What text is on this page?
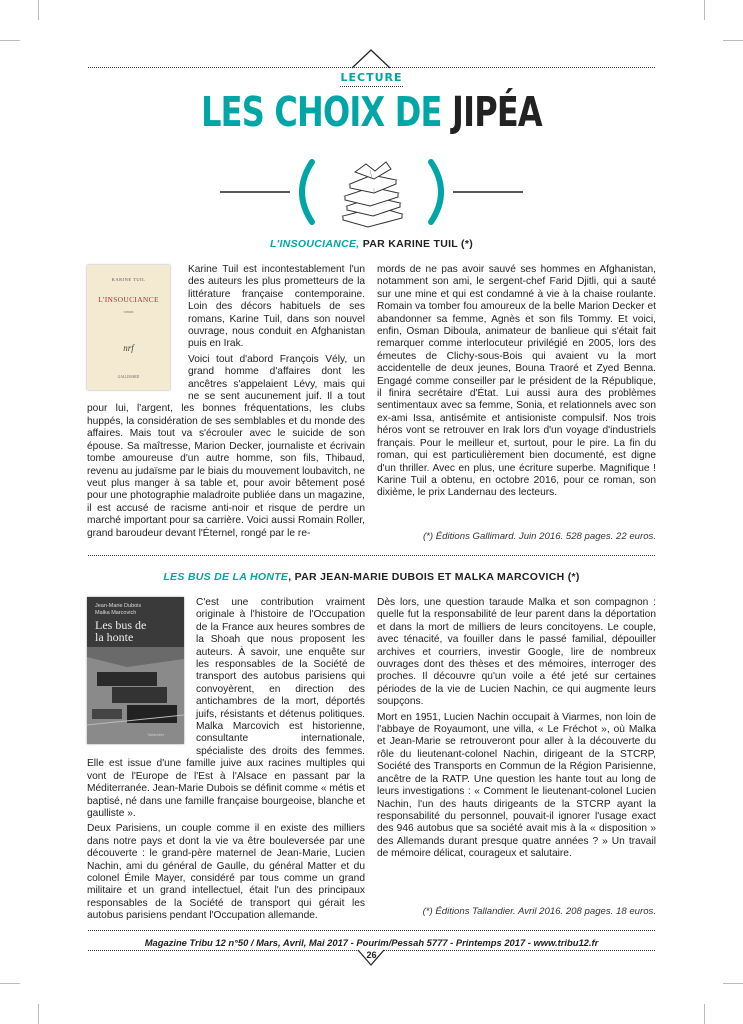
LECTURE
LES CHOIX DE JIPÉA
L'INSOUCIANCE, PAR KARINE TUIL (*)
KARINE TUIL
L'INSOUCIANCE
roman
nrf
GALLIMARD

Karine Tuil est incontestablement l'un des auteurs les plus prometteurs de la littérature française contemporaine. Loin des décors habituels de ses romans, Karine Tuil, dans son nouvel ouvrage, nous conduit en Afghanistan puis en Irak.

Voici tout d'abord François Vély, un grand homme d'affaires dont les ancêtres s'appelaient Lévy, mais qui ne se sent aucunement juif. Il a tout pour lui, l'argent, les bonnes fréquentations, les clubs huppés, la considération de ses semblables et du monde des affaires. Mais tout va s'écrouler avec le suicide de son épouse. Sa maîtresse, Marion Decker, journaliste et écrivain tombe amoureuse d'un autre homme, son fils, Thibaud, revenu au judaïsme par le biais du mouvement loubavitch, ne veut plus manger à sa table et, pour avoir bêtement posé pour une photographie maladroite publiée dans un magazine, il est accusé de racisme anti-noir et risque de perdre un marché important pour sa carrière. Voici aussi Romain Roller, grand baroudeur devant l'Éternel, rongé par le re-

mords de ne pas avoir sauvé ses hommes en Afghanistan, notamment son ami, le sergent-chef Farid Djitli, qui a sauté sur une mine et qui est condamné à vie à la chaise roulante. Romain va tomber fou amoureux de la belle Marion Decker et abandonner sa femme, Agnès et son fils Tommy. Et voici, enfin, Osman Diboula, animateur de banlieue qui s'était fait remarquer comme interlocuteur privilégié en 2005, lors des émeutes de Clichy-sous-Bois qui avaient vu la mort accidentelle de deux jeunes, Bouna Traoré et Zyed Benna. Engagé comme conseiller par le président de la République, il finira secrétaire d'État. Lui aussi aura des problèmes sentimentaux avec sa femme, Sonia, et relationnels avec son ex-ami Issa, antisémite et antisioniste compulsif. Nos trois héros vont se retrouver en Irak lors d'un voyage d'industriels français. Pour le meilleur et, surtout, pour le pire. La fin du roman, qui est particulièrement bien documenté, est digne d'un thriller. Avec en plus, une écriture superbe. Magnifique ! Karine Tuil a obtenu, en octobre 2016, pour ce roman, son dixième, le prix Landernau des lecteurs.

(*) Éditions Gallimard. Juin 2016. 528 pages. 22 euros.
LES BUS DE LA HONTE, PAR JEAN-MARIE DUBOIS ET MALKA MARCOVICH (*)
Jean-Marie Dubois
Malka Marcovich
Les bus de
la honte
Tallandier

C'est une contribution vraiment originale à l'histoire de l'Occupation de la France aux heures sombres de la Shoah que nous proposent les auteurs. À savoir, une enquête sur les responsables de la Société de transport des autobus parisiens qui convoyèrent, en direction des antichambres de la mort, déportés juifs, résistants et détenus politiques. Malka Marcovich est historienne, consultante internationale, spécialiste des droits des femmes. Elle est issue d'une famille juive aux racines multiples qui vont de l'Europe de l'Est à l'Alsace en passant par la Méditerranée. Jean-Marie Dubois se définit comme « métis et baptisé, né dans une famille française bourgeoise, blanche et gaulliste ».

Deux Parisiens, un couple comme il en existe des milliers dans notre pays et dont la vie va être bouleversée par une découverte : le grand-père maternel de Jean-Marie, Lucien Nachin, ami du général de Gaulle, du général Matter et du colonel Émile Mayer, considéré par tous comme un grand militaire et un grand intellectuel, était l'un des principaux responsables de la Société de transport qui gérait les autobus parisiens pendant l'Occupation allemande.

Dès lors, une question taraude Malka et son compagnon : quelle fut la responsabilité de leur parent dans la déportation et dans la mort de milliers de leurs concitoyens. Le couple, avec ténacité, va fouiller dans le passé familial, dépouiller archives et courriers, investir Google, lire de nombreux ouvrages dont des thèses et des mémoires, interroger des proches. Il découvre qu'un voile a été jeté sur certaines périodes de la vie de Lucien Nachin, ce qui augmente leurs soupçons.

Mort en 1951, Lucien Nachin occupait à Viarmes, non loin de l'abbaye de Royaumont, une villa, « Le Fréchot », où Malka et Jean-Marie se retrouveront pour aller à la découverte du rôle du lieutenant-colonel Nachin, dirigeant de la STCRP, Société des Transports en Commun de la Région Parisienne, ancêtre de la RATP. Une question les hante tout au long de leurs investigations : « Comment le lieutenant-colonel Lucien Nachin, l'un des hauts dirigeants de la STCRP ayant la responsabilité du personnel, pouvait-il ignorer l'usage exact des 946 autobus que sa société avait mis à la « disposition » des Allemands durant presque quatre années ? » Un travail de mémoire délicat, courageux et salutaire.

(*) Éditions Tallandier. Avril 2016. 208 pages. 18 euros.
Magazine Tribu 12 n°50 / Mars, Avril, Mai 2017 - Pourim/Pessah 5777 - Printemps 2017 - www.tribu12.fr
26
